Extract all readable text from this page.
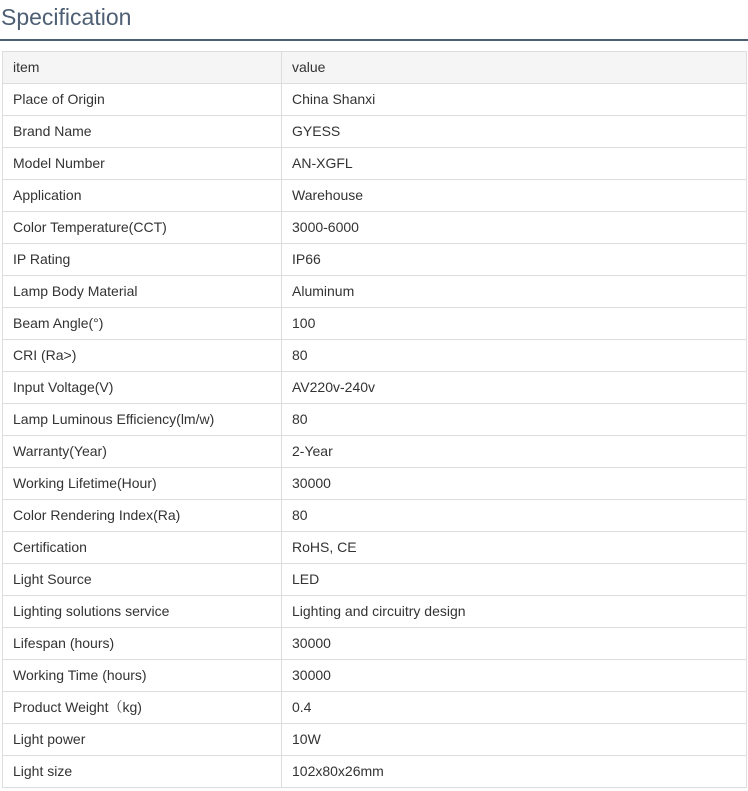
Specification
item	value
Place of Origin	China Shanxi
Brand Name	GYESS
Model Number	AN-XGFL
Application	Warehouse
Color Temperature(CCT)	3000-6000
IP Rating	IP66
Lamp Body Material	Aluminum
Beam Angle(°)	100
CRI (Ra>)	80
Input Voltage(V)	AV220v-240v
Lamp Luminous Efficiency(lm/w)	80
Warranty(Year)	2-Year
Working Lifetime(Hour)	30000
Color Rendering Index(Ra)	80
Certification	RoHS, CE
Light Source	LED
Lighting solutions service	Lighting and circuitry design
Lifespan (hours)	30000
Working Time (hours)	30000
Product Weight（kg)	0.4
Light power	10W
Light size	102x80x26mm
